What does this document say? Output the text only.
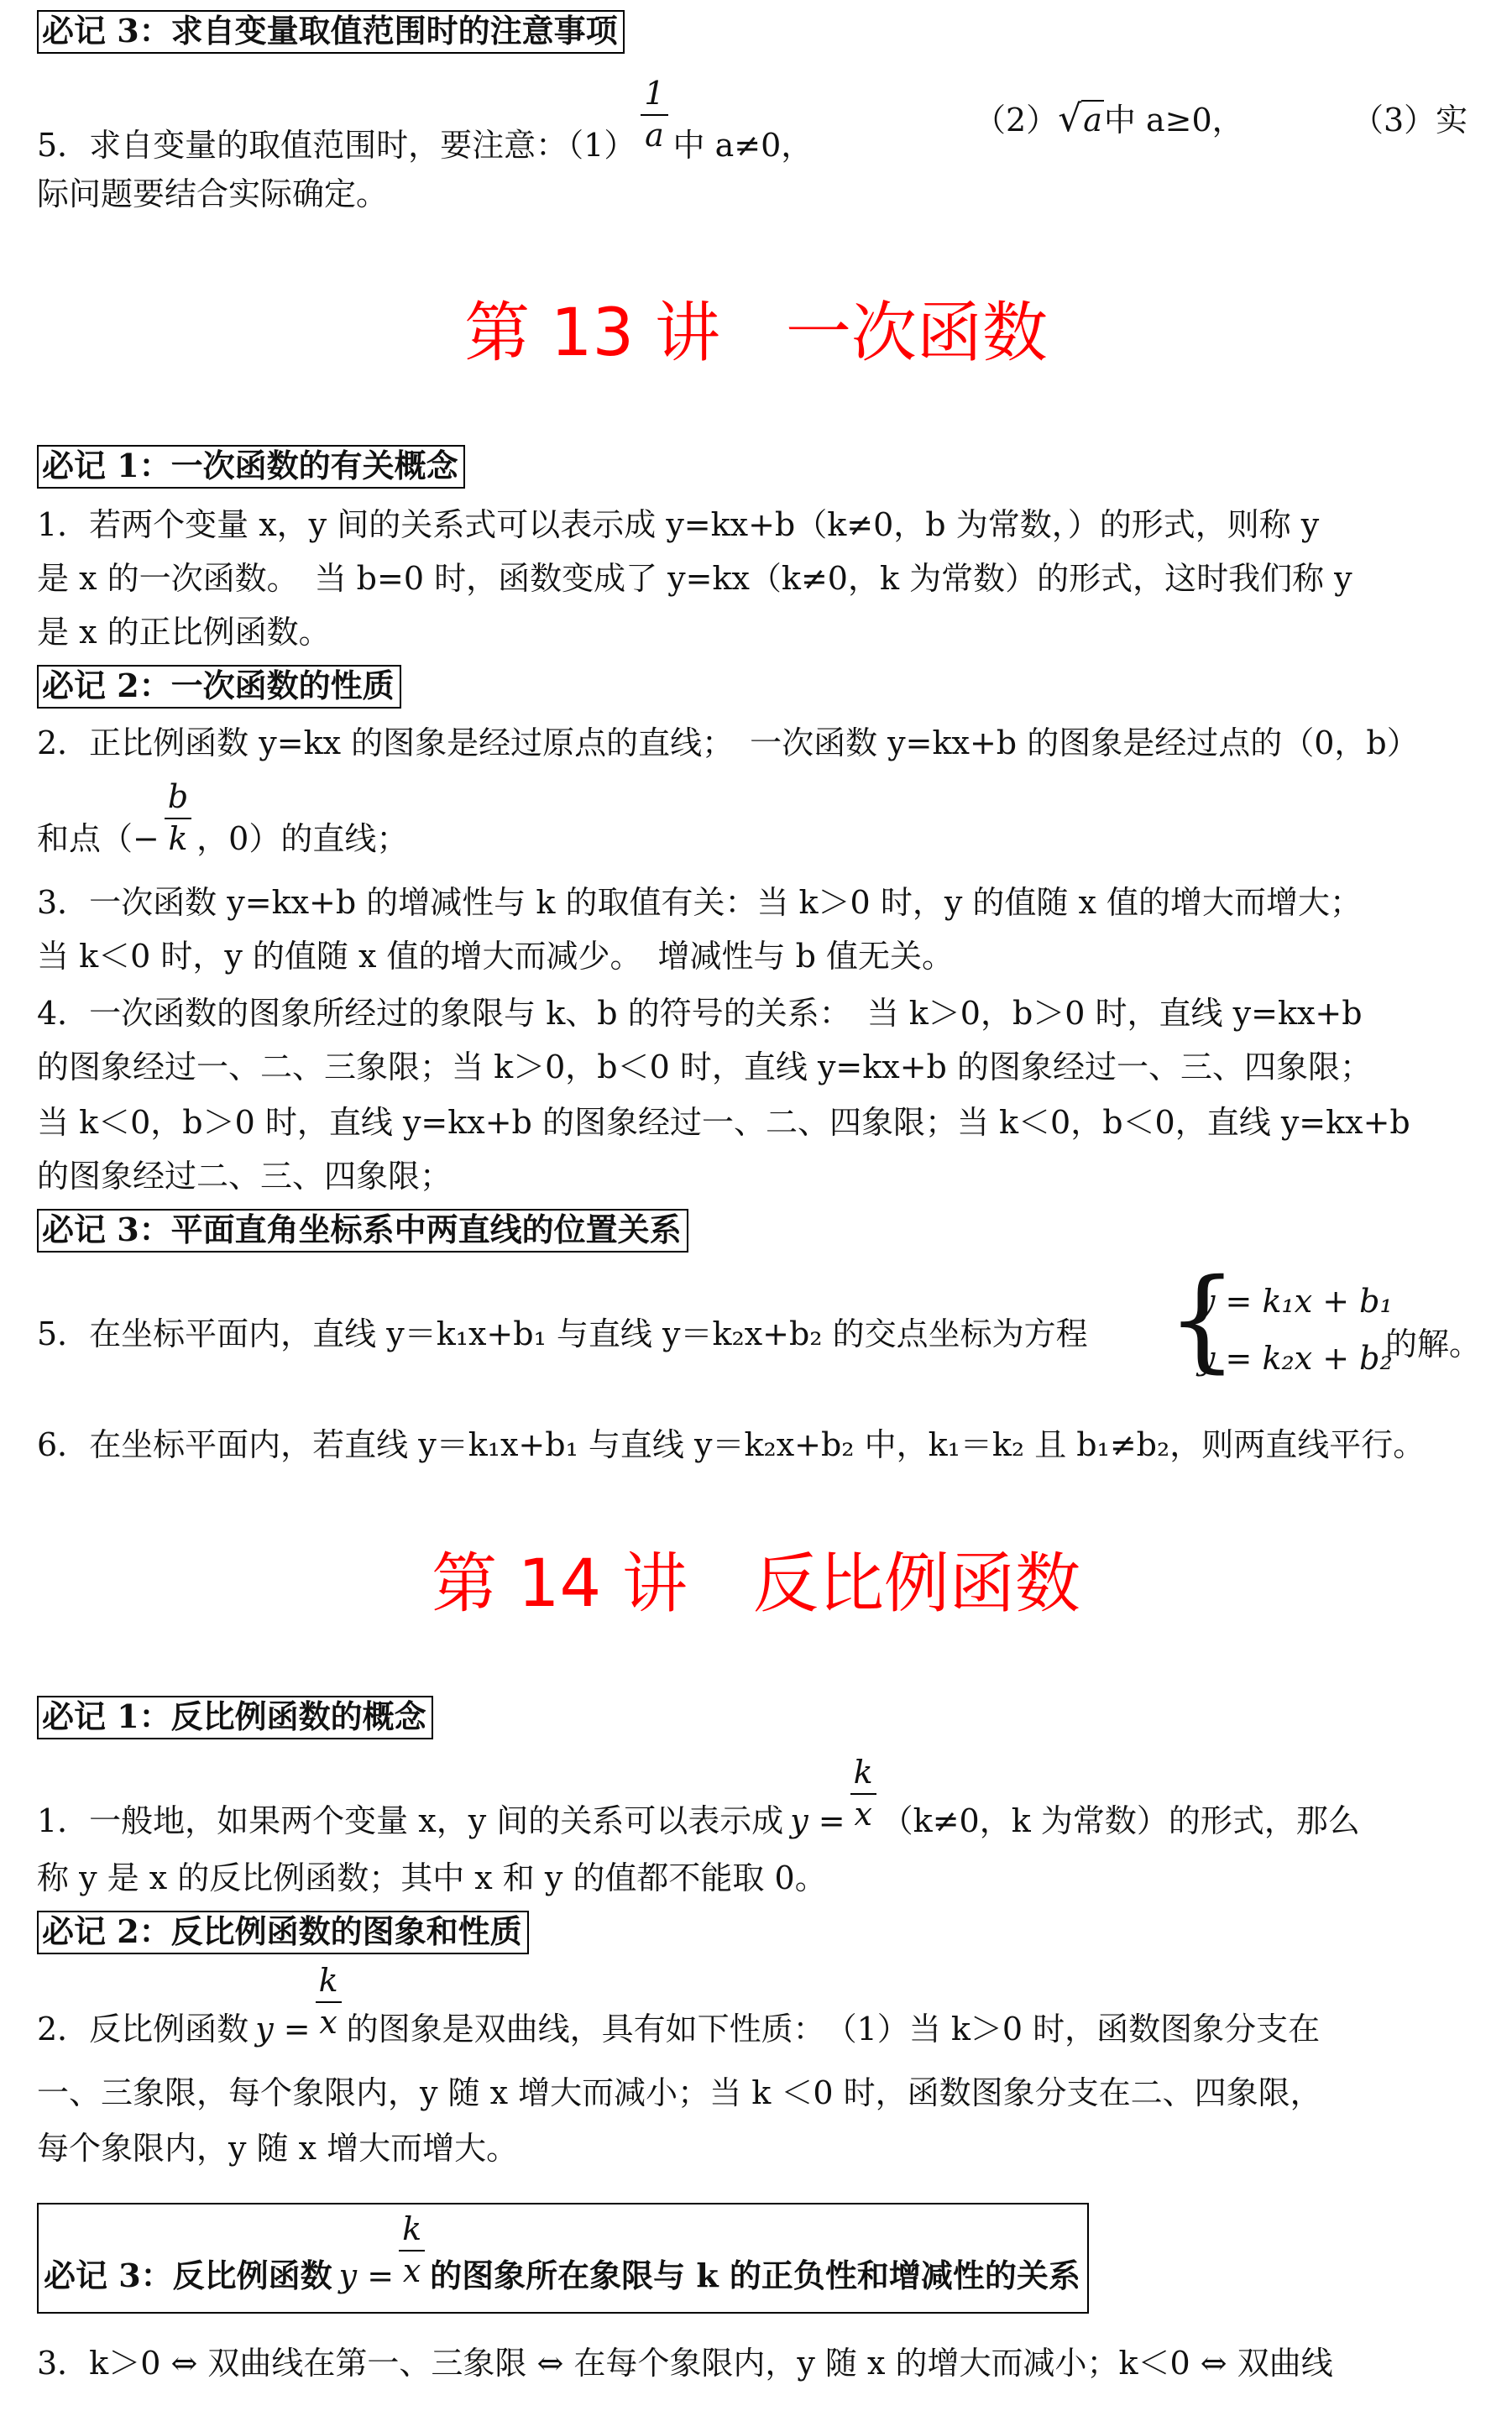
必记 3：求自变量取值范围时的注意事项
5．求自变量的取值范围时，要注意：$(1) \frac{1}{a}$ 中 a≠0，
（2）√a中 a≥0，	（3）实
际问题要结合实际确定。
第 13 讲　一次函数
必记 1：一次函数的有关概念
1．若两个变量 x，y 间的关系式可以表示成 y=kx+b（k≠0，b 为常数，）的形式，则称 y
是 x 的一次函数。　当 b=0 时，函数变成了 y=kx（k≠0，k 为常数）的形式，这时我们称 y
是 x 的正比例函数。
必记 2：一次函数的性质
2．正比例函数 y=kx 的图象是经过原点的直线；　一次函数 y=kx+b 的图象是经过点的（0，b）
和点（− $\frac{b}{k}$ ，0）的直线；
3．一次函数 y=kx+b 的增减性与 k 的取值有关：当 k＞0 时，y 的值随 x 值的增大而增大；
当 k＜0 时，y 的值随 x 值的增大而减少。　增减性与 b 值无关。
4．一次函数的图象所经过的象限与 k、b 的符号的关系：　当 k＞0，b＞0 时，直线 y=kx+b
的图象经过一、二、三象限；当 k＞0，b＜0 时，直线 y=kx+b 的图象经过一、三、四象限；
当 k＜0，b＞0 时，直线 y=kx+b 的图象经过一、二、四象限；当 k＜0，b＜0，直线 y=kx+b
的图象经过二、三、四象限；
必记 3：平面直角坐标系中两直线的位置关系
5．在坐标平面内，直线 y＝k₁x+b₁ 与直线 y＝k₂x+b₂ 的交点坐标为方程 {
y = k₁x + b₁
y = k₂x + b₂
的解。
6．在坐标平面内，若直线 y＝k₁x+b₁ 与直线 y＝k₂x+b₂ 中，k₁＝k₂ 且 b₁≠b₂，则两直线平行。
第 14 讲　反比例函数
必记 1：反比例函数的概念
1．一般地，如果两个变量 x，y 间的关系可以表示成 $y = \frac{k}{x} (k\ne 0$，k 为常数）的形式，那么
称 y 是 x 的反比例函数；其中 x 和 y 的值都不能取 0。
必记 2：反比例函数的图象和性质
2．反比例函数 $y = \frac{k}{x}$ 的图象是双曲线，具有如下性质：　（1）当 k＞0 时，函数图象分支在
一、三象限，每个象限内，y 随 x 增大而减小；当 k ＜0 时，函数图象分支在二、四象限，
每个象限内，y 随 x 增大而增大。
必记 3：反比例函数 $y = \frac{k}{x}$ 的图象所在象限与 k 的正负性和增减性的关系
3．k＞0 ⇔ 双曲线在第一、三象限 ⇔ 在每个象限内，y 随 x 的增大而减小；k＜0 ⇔ 双曲线
